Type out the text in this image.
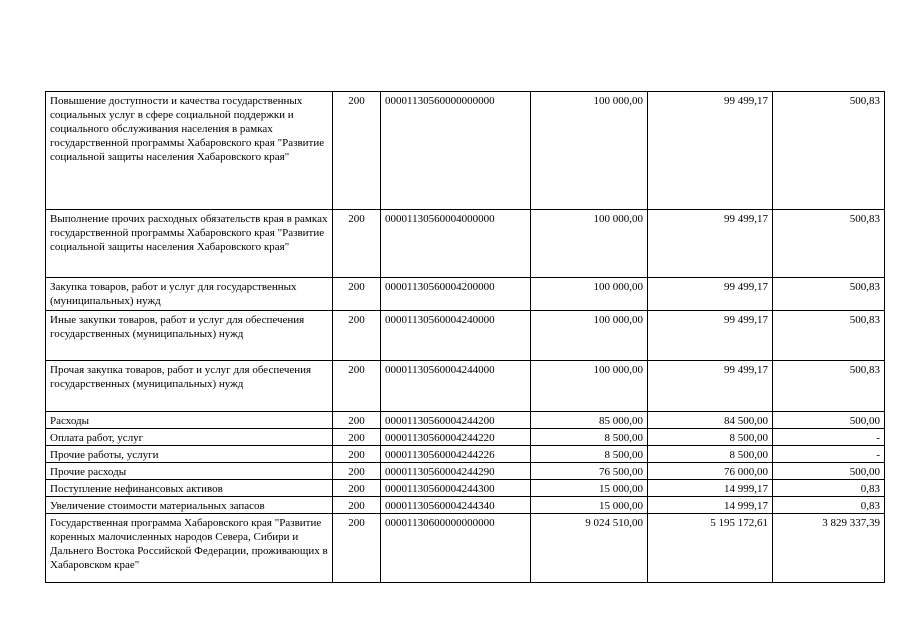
Повышение доступности и качества государственных социальных услуг в сфере социальной поддержки и социального обслуживания населения в рамках государственной программы Хабаровского края "Развитие социальной защиты населения Хабаровского края"	200	00001130560000000000	100 000,00	99 499,17	500,83
Выполнение прочих расходных обязательств края в рамках государственной программы Хабаровского края "Развитие социальной защиты населения Хабаровского края"	200	00001130560004000000	100 000,00	99 499,17	500,83
Закупка товаров, работ и услуг для государственных (муниципальных) нужд	200	00001130560004200000	100 000,00	99 499,17	500,83
Иные закупки товаров, работ и услуг для обеспечения государственных (муниципальных) нужд	200	00001130560004240000	100 000,00	99 499,17	500,83
Прочая закупка товаров, работ и услуг для обеспечения государственных (муниципальных) нужд	200	00001130560004244000	100 000,00	99 499,17	500,83
Расходы	200	00001130560004244200	85 000,00	84 500,00	500,00
Оплата работ, услуг	200	00001130560004244220	8 500,00	8 500,00	-
Прочие работы, услуги	200	00001130560004244226	8 500,00	8 500,00	-
Прочие расходы	200	00001130560004244290	76 500,00	76 000,00	500,00
Поступление нефинансовых активов	200	00001130560004244300	15 000,00	14 999,17	0,83
Увеличение стоимости материальных запасов	200	00001130560004244340	15 000,00	14 999,17	0,83
Государственная программа Хабаровского края "Развитие коренных малочисленных народов Севера, Сибири и Дальнего Востока Российской Федерации, проживающих в Хабаровском крае"	200	00001130600000000000	9 024 510,00	5 195 172,61	3 829 337,39
